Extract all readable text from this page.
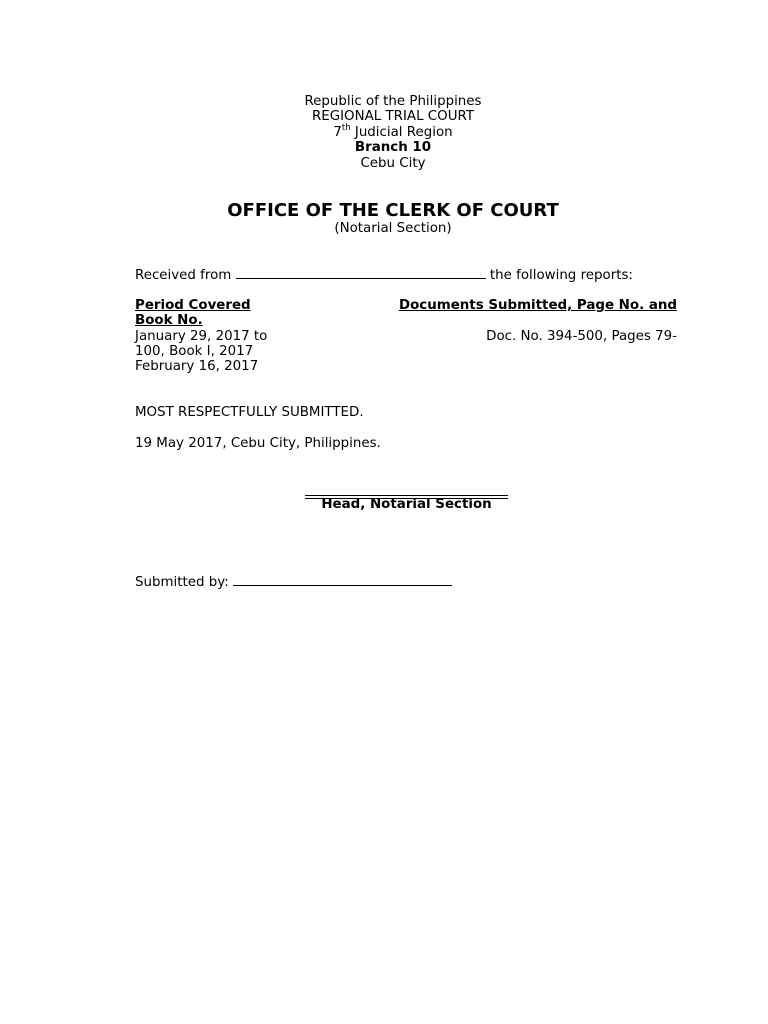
Republic of the Philippines
REGIONAL TRIAL COURT
7th Judicial Region
Branch 10
Cebu City
OFFICE OF THE CLERK OF COURT
(Notarial Section)
Received from	the following reports:
Period Covered	Documents Submitted, Page No. and
Book No.
January 29, 2017 to	Doc. No. 394-500, Pages 79-
100, Book I, 2017
February 16, 2017
MOST RESPECTFULLY SUBMITTED.
19 May 2017, Cebu City, Philippines.
Head, Notarial Section
Submitted by:
